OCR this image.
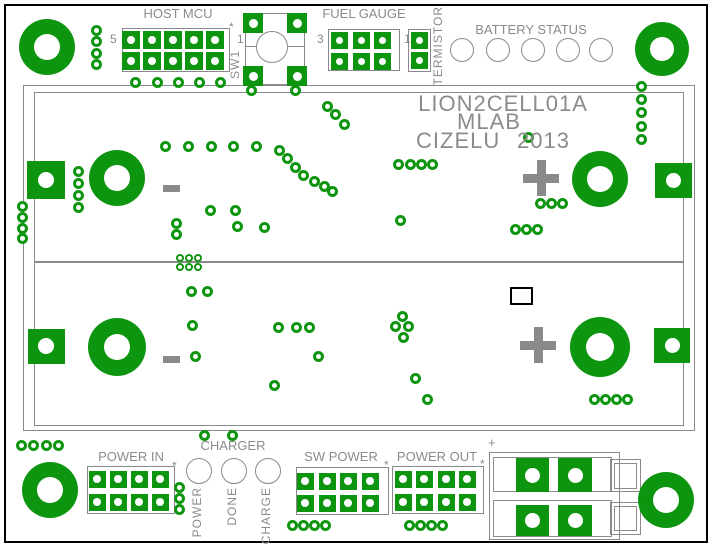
HOST MCU
5	1
*
SW1
FUEL GAUGE
3	1 TERMISTOR BATTERY STATUS
LION2CELL01A
MLAB
CIZELU 2013
POWER IN
*
CHARGER
POWER DONE CHARGE
SW POWER
*
POWER OUT *
+
